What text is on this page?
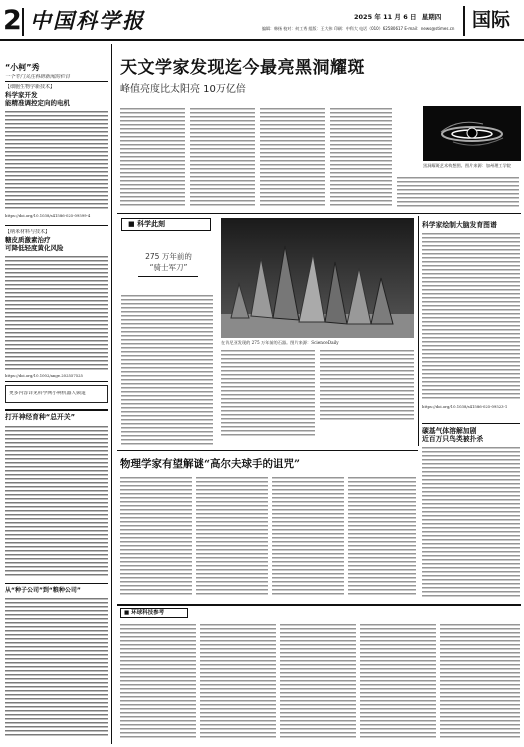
2 中国科学报	2025 年 11 月 6 日 星期四
编辑：韩扬 校对：何工秀 组版：王大伟 印刷：中科大 电话（010）62580617 E-mail：news@stimes.cn 国际
“小柯”秀
一个专门关注科研新闻的栏目
【细胞生物学新技术】
科学家开发
能精准调控定向的电机
https://doi.org/10.1038/s41586-025-09599-4
【纳米材料与技术】
糖皮质激素治疗
可降低轻度黄化风险
https://doi.org/10.1002/ange.202557525
更多内容详见科学网小柯机器人频道
打开神经育种“总开关”
从“种子公司”到“粮种公司”
天文学家发现迄今最亮黑洞耀斑
峰值亮度比太阳亮 10万亿倍
黑洞耀斑艺术构想图。图片来源：加州理工学院
■ 科学此刻
275 万年前的
“骑士军刀”
在肯尼亚发现的 275 万年前的石器。图片来源：ScienceDaily
科学家绘制大脑发育图谱
https://doi.org/10.1038/s41586-025-09523-1
碳基气体溶解加剧
近百万只鸟类被扑杀
物理学家有望解谜“高尔夫球手的诅咒”
■ 环球科技参考
